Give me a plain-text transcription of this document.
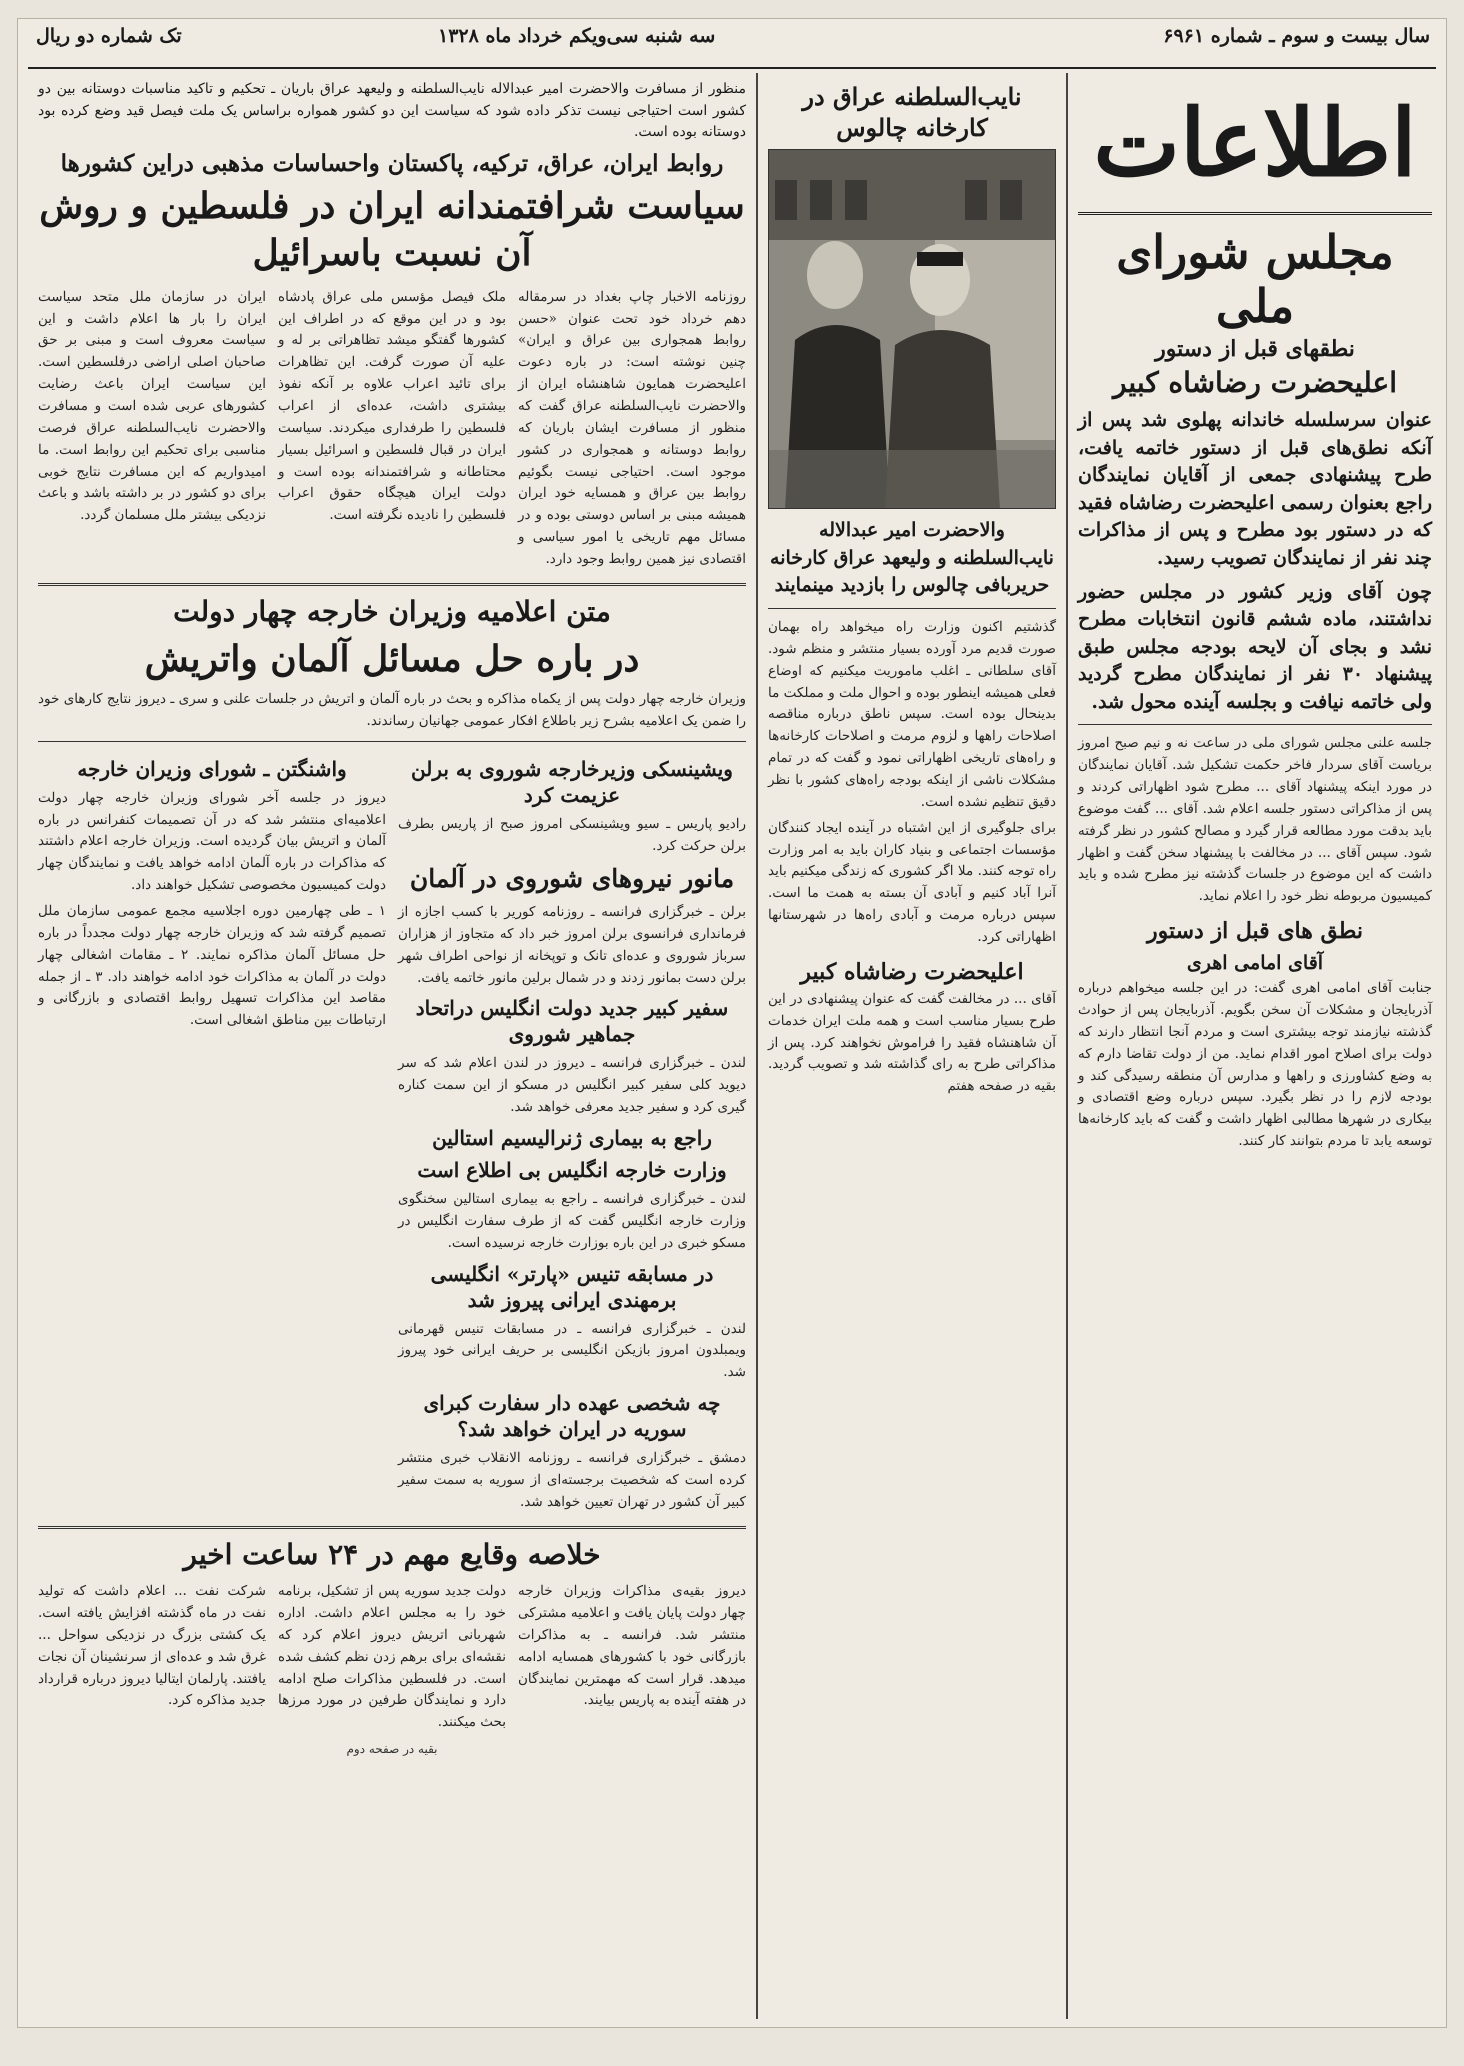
سال بیست و سوم ـ شماره ۶۹۶۱
سه شنبه سی‌ویکم خرداد ماه ۱۳۲۸
تک شماره دو ریال
اطلاعات
مجلس شورای ملی
نطقهای قبل از دستور
اعلیحضرت رضاشاه کبیر
عنوان سرسلسله خاندانه پهلوی شد پس از آنکه نطق‌های قبل از دستور خاتمه یافت، طرح پیشنهادی جمعی از آقایان نمایندگان راجع بعنوان رسمی اعلیحضرت رضاشاه فقید که در دستور بود مطرح و پس از مذاکرات چند نفر از نمایندگان تصویب رسید.
چون آقای وزیر کشور در مجلس حضور نداشتند، ماده ششم قانون انتخابات مطرح نشد و بجای آن لایحه بودجه مجلس طبق پیشنهاد ۳۰ نفر از نمایندگان مطرح گردید ولی خاتمه نیافت و بجلسه آینده محول شد.
جلسه علنی مجلس شورای ملی در ساعت نه و نیم صبح امروز بریاست آقای سردار فاخر حکمت تشکیل شد. آقایان نمایندگان در مورد اینکه پیشنهاد آقای ... مطرح شود اظهاراتی کردند و پس از مذاکراتی دستور جلسه اعلام شد. آقای ... گفت موضوع باید بدقت مورد مطالعه قرار گیرد و مصالح کشور در نظر گرفته شود. سپس آقای ... در مخالفت با پیشنهاد سخن گفت و اظهار داشت که این موضوع در جلسات گذشته نیز مطرح شده و باید کمیسیون مربوطه نظر خود را اعلام نماید.
نطق های قبل از دستور
آقای امامی اهری
جنابت آقای امامی اهری گفت: در این جلسه میخواهم درباره آذربایجان و مشکلات آن سخن بگویم. آذربایجان پس از حوادث گذشته نیازمند توجه بیشتری است و مردم آنجا انتظار دارند که دولت برای اصلاح امور اقدام نماید. من از دولت تقاضا دارم که به وضع کشاورزی و راهها و مدارس آن منطقه رسیدگی کند و بودجه لازم را در نظر بگیرد. سپس درباره وضع اقتصادی و بیکاری در شهرها مطالبی اظهار داشت و گفت که باید کارخانه‌ها توسعه یابد تا مردم بتوانند کار کنند.
نایب‌السلطنه عراق در کارخانه چالوس
والاحضرت امیر عبدالاله نایب‌السلطنه و ولیعهد عراق کارخانه حریربافی چالوس را بازدید مینمایند
گذشتیم اکنون وزارت راه میخواهد راه بهمان صورت قدیم مرد آورده بسیار منتشر و منظم شود. آقای سلطانی ـ اغلب ماموریت میکنیم که اوضاع فعلی همیشه اینطور بوده و احوال ملت و مملکت ما بدینحال بوده است. سپس ناطق درباره مناقصه اصلاحات راهها و لزوم مرمت و اصلاحات کارخانه‌ها و راه‌های تاریخی اظهاراتی نمود و گفت که در تمام مشکلات ناشی از اینکه بودجه راه‌های کشور با نظر دقیق تنظیم نشده است.
برای جلوگیری از این اشتباه در آینده ایجاد کنندگان مؤسسات اجتماعی و بنیاد کاران باید به امر وزارت راه توجه کنند. ملا اگر کشوری که زندگی میکنیم باید آنرا آباد کنیم و آبادی آن بسته به همت ما است. سپس درباره مرمت و آبادی راه‌ها در شهرستانها اظهاراتی کرد.
اعلیحضرت رضاشاه کبیر
آقای ... در مخالفت گفت که عنوان پیشنهادی در این طرح بسیار مناسب است و همه ملت ایران خدمات آن شاهنشاه فقید را فراموش نخواهند کرد. پس از مذاکراتی طرح به رای گذاشته شد و تصویب گردید. بقیه در صفحه هفتم
منظور از مسافرت والاحضرت امیر عبدالاله نایب‌السلطنه و ولیعهد عراق باریان ـ تحکیم و تاکید مناسبات دوستانه بین دو کشور است احتیاجی نیست تذکر داده شود که سیاست این دو کشور همواره براساس یک ملت فیصل قید وضع کرده بود دوستانه بوده است.
روابط ایران، عراق، ترکیه، پاکستان واحساسات مذهبی دراین کشورها
سیاست شرافتمندانه ایران در فلسطین و روش آن نسبت باسرائیل
روزنامه الاخبار چاپ بغداد در سرمقاله دهم خرداد خود تحت عنوان «حسن روابط همجواری بین عراق و ایران» چنین نوشته است: در باره دعوت اعلیحضرت همایون شاهنشاه ایران از والاحضرت نایب‌السلطنه عراق گفت که منظور از مسافرت ایشان باریان که روابط دوستانه و همجواری در کشور موجود است. احتیاجی نیست بگوئیم روابط بین عراق و همسایه خود ایران همیشه مبنی بر اساس دوستی بوده و در مسائل مهم تاریخی یا امور سیاسی و اقتصادی نیز همین روابط وجود دارد.
ملک فیصل مؤسس ملی عراق پادشاه بود و در این موقع که در اطراف این کشورها گفتگو میشد تظاهراتی بر له و علیه آن صورت گرفت. این تظاهرات برای تائید اعراب علاوه بر آنکه نفوذ بیشتری داشت، عده‌ای از اعراب فلسطین را طرفداری میکردند. سیاست ایران در قبال فلسطین و اسرائیل بسیار محتاطانه و شرافتمندانه بوده است و دولت ایران هیچگاه حقوق اعراب فلسطین را نادیده نگرفته است.
ایران در سازمان ملل متحد سیاست ایران را بار ها اعلام داشت و این سیاست معروف است و مبنی بر حق صاحبان اصلی اراضی درفلسطین است. این سیاست ایران باعث رضایت کشورهای عربی شده است و مسافرت والاحضرت نایب‌السلطنه عراق فرصت مناسبی برای تحکیم این روابط است. ما امیدواریم که این مسافرت نتایج خوبی برای دو کشور در بر داشته باشد و باعث نزدیکی بیشتر ملل مسلمان گردد.
متن اعلامیه وزیران خارجه چهار دولت
در باره حل مسائل آلمان واتریش
وزیران خارجه چهار دولت پس از یکماه مذاکره و بحث در باره آلمان و اتریش در جلسات علنی و سری ـ دیروز نتایج کارهای خود را ضمن یک اعلامیه بشرح زیر باطلاع افکار عمومی جهانیان رساندند.
ویشینسکی وزیرخارجه شوروی به برلن عزیمت کرد
رادیو پاریس ـ سیو ویشینسکی امروز صبح از پاریس بطرف برلن حرکت کرد.
مانور نیروهای شوروی در آلمان
برلن ـ خبرگزاری فرانسه ـ روزنامه کوریر با کسب اجازه از فرمانداری فرانسوی برلن امروز خبر داد که متجاوز از هزاران سرباز شوروی و عده‌ای تانک و توپخانه از نواحی اطراف شهر برلن دست بمانور زدند و در شمال برلین مانور خاتمه یافت.
سفیر کبیر جدید دولت انگلیس دراتحاد جماهیر شوروی
لندن ـ خبرگزاری فرانسه ـ دیروز در لندن اعلام شد که سر دیوید کلی سفیر کبیر انگلیس در مسکو از این سمت کناره گیری کرد و سفیر جدید معرفی خواهد شد.
راجع به بیماری ژنرالیسیم استالین
وزارت خارجه انگلیس بی اطلاع است
لندن ـ خبرگزاری فرانسه ـ راجع به بیماری استالین سخنگوی وزارت خارجه انگلیس گفت که از طرف سفارت انگلیس در مسکو خبری در این باره بوزارت خارجه نرسیده است.
در مسابقه تنیس «پارتر» انگلیسی برمهندی ایرانی پیروز شد
لندن ـ خبرگزاری فرانسه ـ در مسابقات تنیس قهرمانی ویمبلدون امروز بازیکن انگلیسی بر حریف ایرانی خود پیروز شد.
چه شخصی عهده دار سفارت کبرای سوریه در ایران خواهد شد؟
دمشق ـ خبرگزاری فرانسه ـ روزنامه الانقلاب خبری منتشر کرده است که شخصیت برجسته‌ای از سوریه به سمت سفیر کبیر آن کشور در تهران تعیین خواهد شد.
واشنگتن ـ شورای وزیران خارجه
دیروز در جلسه آخر شورای وزیران خارجه چهار دولت اعلامیه‌ای منتشر شد که در آن تصمیمات کنفرانس در باره آلمان و اتریش بیان گردیده است. وزیران خارجه اعلام داشتند که مذاکرات در باره آلمان ادامه خواهد یافت و نمایندگان چهار دولت کمیسیون مخصوصی تشکیل خواهند داد.
۱ ـ طی چهارمین دوره اجلاسیه مجمع عمومی سازمان ملل تصمیم گرفته شد که وزیران خارجه چهار دولت مجدداً در باره حل مسائل آلمان مذاکره نمایند. ۲ ـ مقامات اشغالی چهار دولت در آلمان به مذاکرات خود ادامه خواهند داد. ۳ ـ از جمله مقاصد این مذاکرات تسهیل روابط اقتصادی و بازرگانی و ارتباطات بین مناطق اشغالی است.
خلاصه وقایع مهم در ۲۴ ساعت اخیر
دیروز بقیه‌ی مذاکرات وزیران خارجه چهار دولت پایان یافت و اعلامیه مشترکی منتشر شد. فرانسه ـ به مذاکرات بازرگانی خود با کشورهای همسایه ادامه میدهد. قرار است که مهمترین نمایندگان در هفته آینده به پاریس بیایند.
دولت جدید سوریه پس از تشکیل، برنامه خود را به مجلس اعلام داشت. اداره شهربانی اتریش دیروز اعلام کرد که نقشه‌ای برای برهم زدن نظم کشف شده است. در فلسطین مذاکرات صلح ادامه دارد و نمایندگان طرفین در مورد مرزها بحث میکنند.
شرکت نفت ... اعلام داشت که تولید نفت در ماه گذشته افزایش یافته است. یک کشتی بزرگ در نزدیکی سواحل ... غرق شد و عده‌ای از سرنشینان آن نجات یافتند. پارلمان ایتالیا دیروز درباره قرارداد جدید مذاکره کرد.
بقیه در صفحه دوم
